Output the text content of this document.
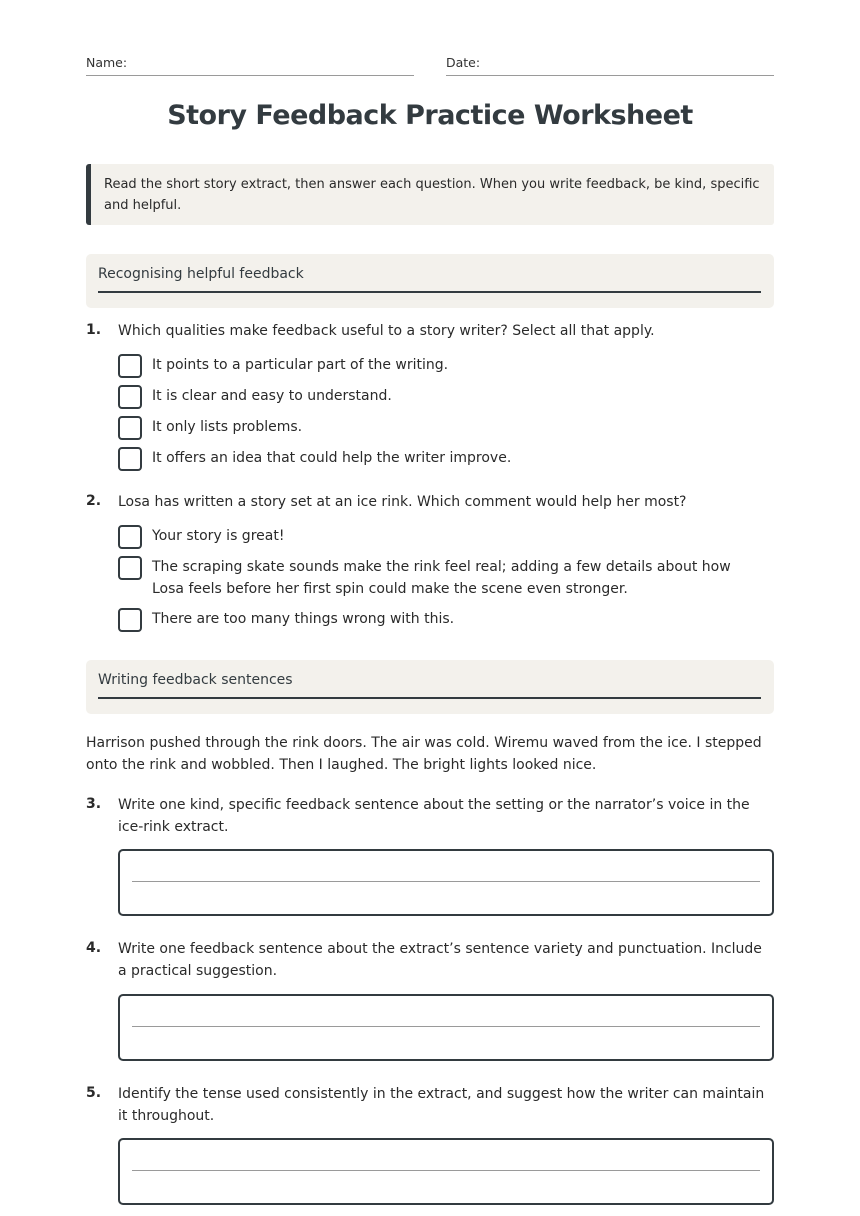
Name:	Date:
Story Feedback Practice Worksheet
Read the short story extract, then answer each question. When you write feedback, be kind, specific and helpful.
Recognising helpful feedback
1. Which qualities make feedback useful to a story writer? Select all that apply.
It points to a particular part of the writing.
It is clear and easy to understand.
It only lists problems.
It offers an idea that could help the writer improve.
2. Losa has written a story set at an ice rink. Which comment would help her most?
Your story is great!
The scraping skate sounds make the rink feel real; adding a few details about how Losa feels before her first spin could make the scene even stronger.
There are too many things wrong with this.
Writing feedback sentences
Harrison pushed through the rink doors. The air was cold. Wiremu waved from the ice. I stepped onto the rink and wobbled. Then I laughed. The bright lights looked nice.
3. Write one kind, specific feedback sentence about the setting or the narrator’s voice in the ice-rink extract.
4. Write one feedback sentence about the extract’s sentence variety and punctuation. Include a practical suggestion.
5. Identify the tense used consistently in the extract, and suggest how the writer can maintain it throughout.
